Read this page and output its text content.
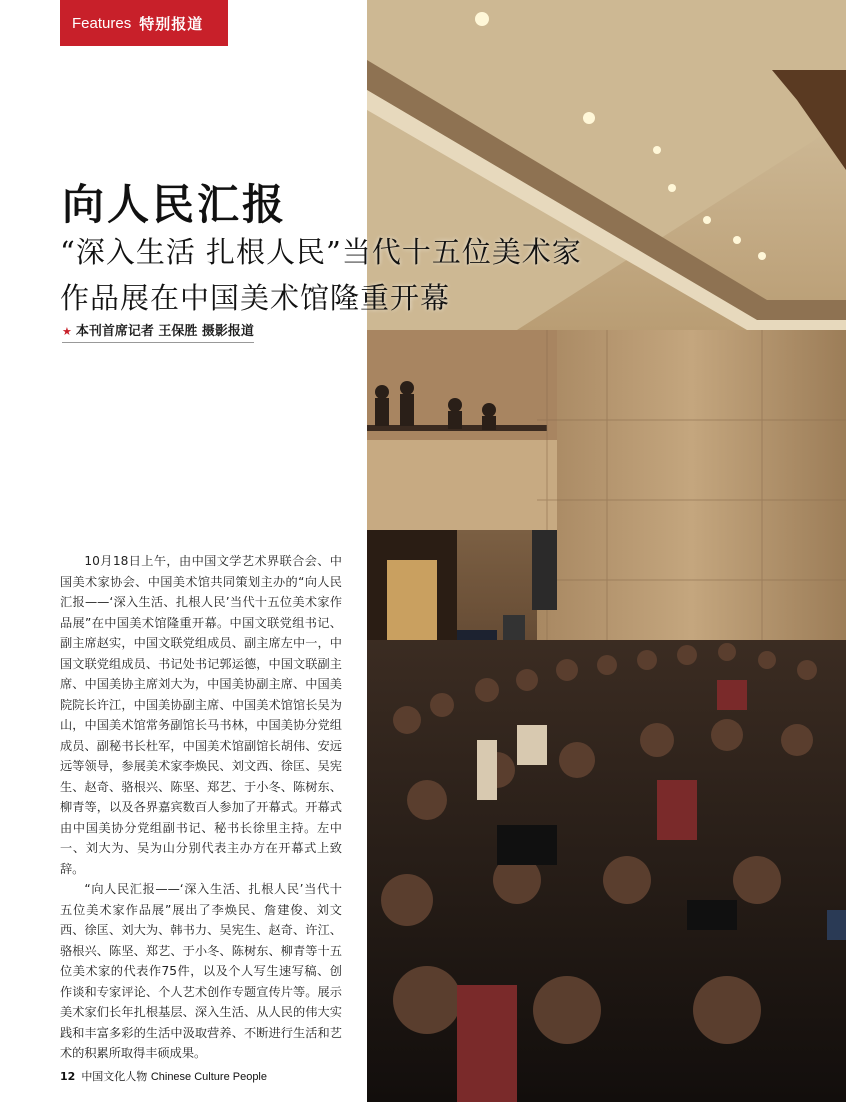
Features 特别报道
向人民汇报
“深入生活 扎根人民”当代十五位美术家
作品展在中国美术馆隆重开幕
★ 本刊首席记者 王保胜 摄影报道

10月18日上午，由中国文学艺术界联合会、中国美术家协会、中国美术馆共同策划主办的“向人民汇报——‘深入生活、扎根人民’当代十五位美术家作品展”在中国美术馆隆重开幕。中国文联党组书记、副主席赵实，中国文联党组成员、副主席左中一，中国文联党组成员、书记处书记郭运德，中国文联副主席、中国美协主席刘大为，中国美协副主席、中国美院院长许江，中国美协副主席、中国美术馆馆长吴为山，中国美术馆常务副馆长马书林，中国美协分党组成员、副秘书长杜军，中国美术馆副馆长胡伟、安远远等领导，参展美术家李焕民、刘文西、徐匡、吴宪生、赵奇、骆根兴、陈坚、郑艺、于小冬、陈树东、柳青等，以及各界嘉宾数百人参加了开幕式。开幕式由中国美协分党组副书记、秘书长徐里主持。左中一、刘大为、吴为山分别代表主办方在开幕式上致辞。

“向人民汇报——‘深入生活、扎根人民’当代十五位美术家作品展”展出了李焕民、詹建俊、刘文西、徐匡、刘大为、韩书力、吴宪生、赵奇、许江、骆根兴、陈坚、郑艺、于小冬、陈树东、柳青等十五位美术家的代表作75件，以及个人写生速写稿、创作谈和专家评论、个人艺术创作专题宣传片等。展示美术家们长年扎根基层、深入生活、从人民的伟大实践和丰富多彩的生活中汲取营养、不断进行生活和艺术的积累所取得丰硕成果。

12 中国文化人物 Chinese Culture People
